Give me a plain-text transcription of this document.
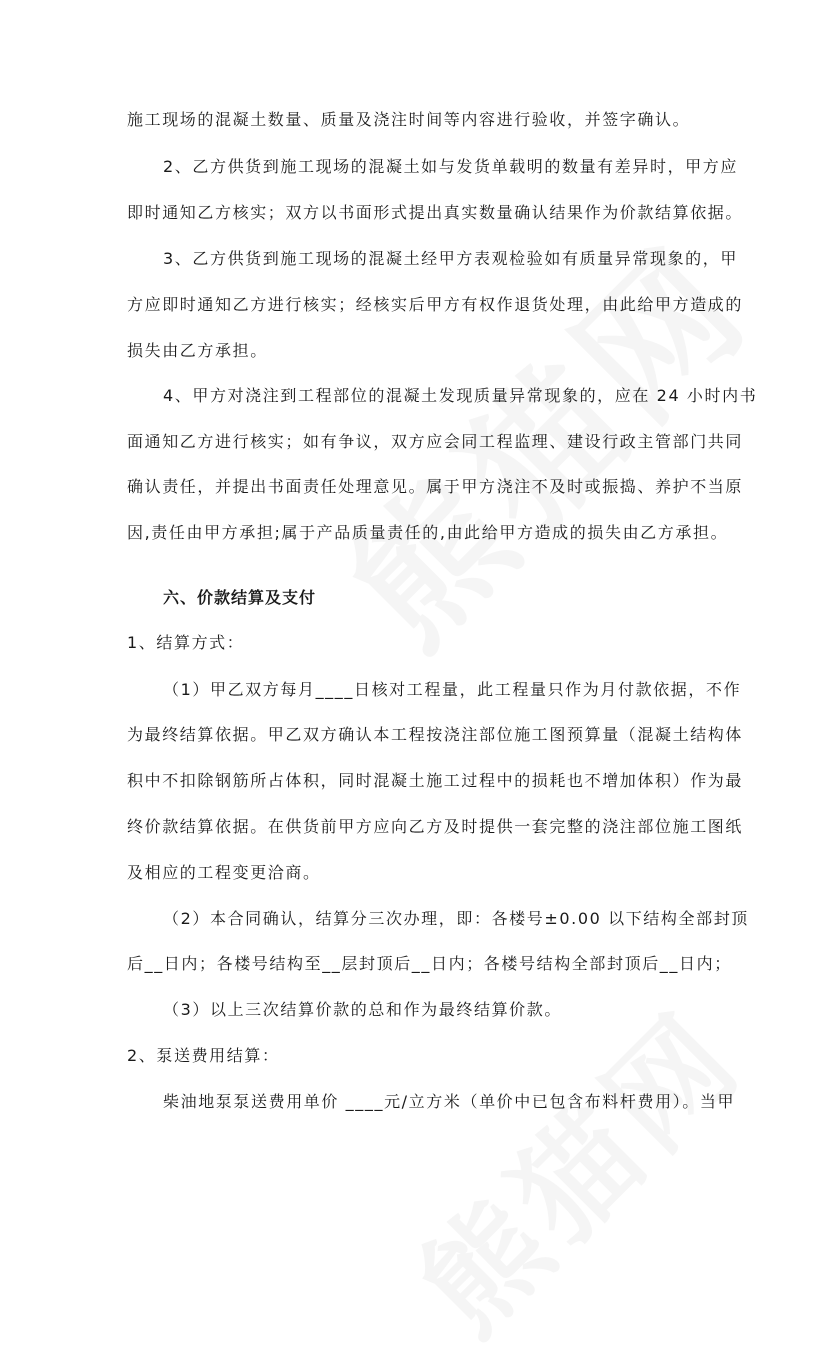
施工现场的混凝土数量、质量及浇注时间等内容进行验收，并签字确认。
2、乙方供货到施工现场的混凝土如与发货单载明的数量有差异时，甲方应
即时通知乙方核实；双方以书面形式提出真实数量确认结果作为价款结算依据。
3、乙方供货到施工现场的混凝土经甲方表观检验如有质量异常现象的，甲
方应即时通知乙方进行核实；经核实后甲方有权作退货处理，由此给甲方造成的
损失由乙方承担。
4、甲方对浇注到工程部位的混凝土发现质量异常现象的，应在 24 小时内书
面通知乙方进行核实；如有争议，双方应会同工程监理、建设行政主管部门共同
确认责任，并提出书面责任处理意见。属于甲方浇注不及时或振捣、养护不当原
因,责任由甲方承担;属于产品质量责任的,由此给甲方造成的损失由乙方承担。
六、价款结算及支付
1、结算方式：
（1）甲乙双方每月____日核对工程量，此工程量只作为月付款依据，不作
为最终结算依据。甲乙双方确认本工程按浇注部位施工图预算量（混凝土结构体
积中不扣除钢筋所占体积，同时混凝土施工过程中的损耗也不增加体积）作为最
终价款结算依据。在供货前甲方应向乙方及时提供一套完整的浇注部位施工图纸
及相应的工程变更洽商。
（2）本合同确认，结算分三次办理，即：各楼号±0.00 以下结构全部封顶
后__日内；各楼号结构至__层封顶后__日内；各楼号结构全部封顶后__日内；
（3）以上三次结算价款的总和作为最终结算价款。
2、泵送费用结算：
柴油地泵泵送费用单价 ____元/立方米（单价中已包含布料杆费用）。当甲
